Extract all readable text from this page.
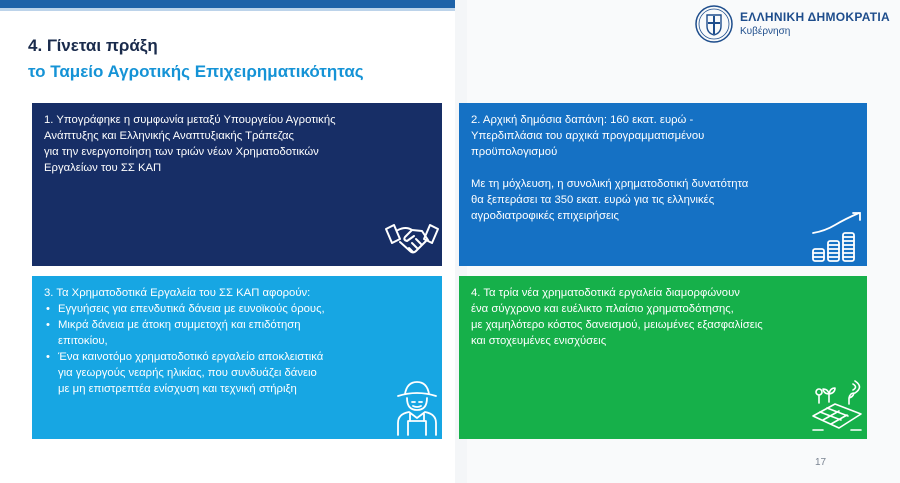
4. Γίνεται πράξη
το Ταμείο Αγροτικής Επιχειρηματικότητας
ΕΛΛΗΝΙΚΗ ΔΗΜΟΚΡΑΤΙΑ
Κυβέρνηση

1. Υπογράφηκε η συμφωνία μεταξύ Υπουργείου Αγροτικής

Ανάπτυξης και Ελληνικής Αναπτυξιακής Τράπεζας

για την ενεργοποίηση των τριών νέων Χρηματοδοτικών

Εργαλείων του ΣΣ ΚΑΠ

2. Αρχική δημόσια δαπάνη: 160 εκατ. ευρώ -

Υπερδιπλάσια του αρχικά προγραμματισμένου

προϋπολογισμού

Με τη μόχλευση, η συνολική χρηματοδοτική δυνατότητα

θα ξεπεράσει τα 350 εκατ. ευρώ για τις ελληνικές

αγροδιατροφικές επιχειρήσεις

3. Τα Χρηματοδοτικά Εργαλεία του ΣΣ ΚΑΠ αφορούν:

• Εγγυήσεις για επενδυτικά δάνεια με ευνοϊκούς όρους,
• Μικρά δάνεια με άτοκη συμμετοχή και επιδότηση
επιτοκίου,
• Ένα καινοτόμο χρηματοδοτικό εργαλείο αποκλειστικά
για γεωργούς νεαρής ηλικίας, που συνδυάζει δάνειο
με μη επιστρεπτέα ενίσχυση και τεχνική στήριξη

4. Τα τρία νέα χρηματοδοτικά εργαλεία διαμορφώνουν

ένα σύγχρονο και ευέλικτο πλαίσιο χρηματοδότησης,

με χαμηλότερο κόστος δανεισμού, μειωμένες εξασφαλίσεις

και στοχευμένες ενισχύσεις

17
